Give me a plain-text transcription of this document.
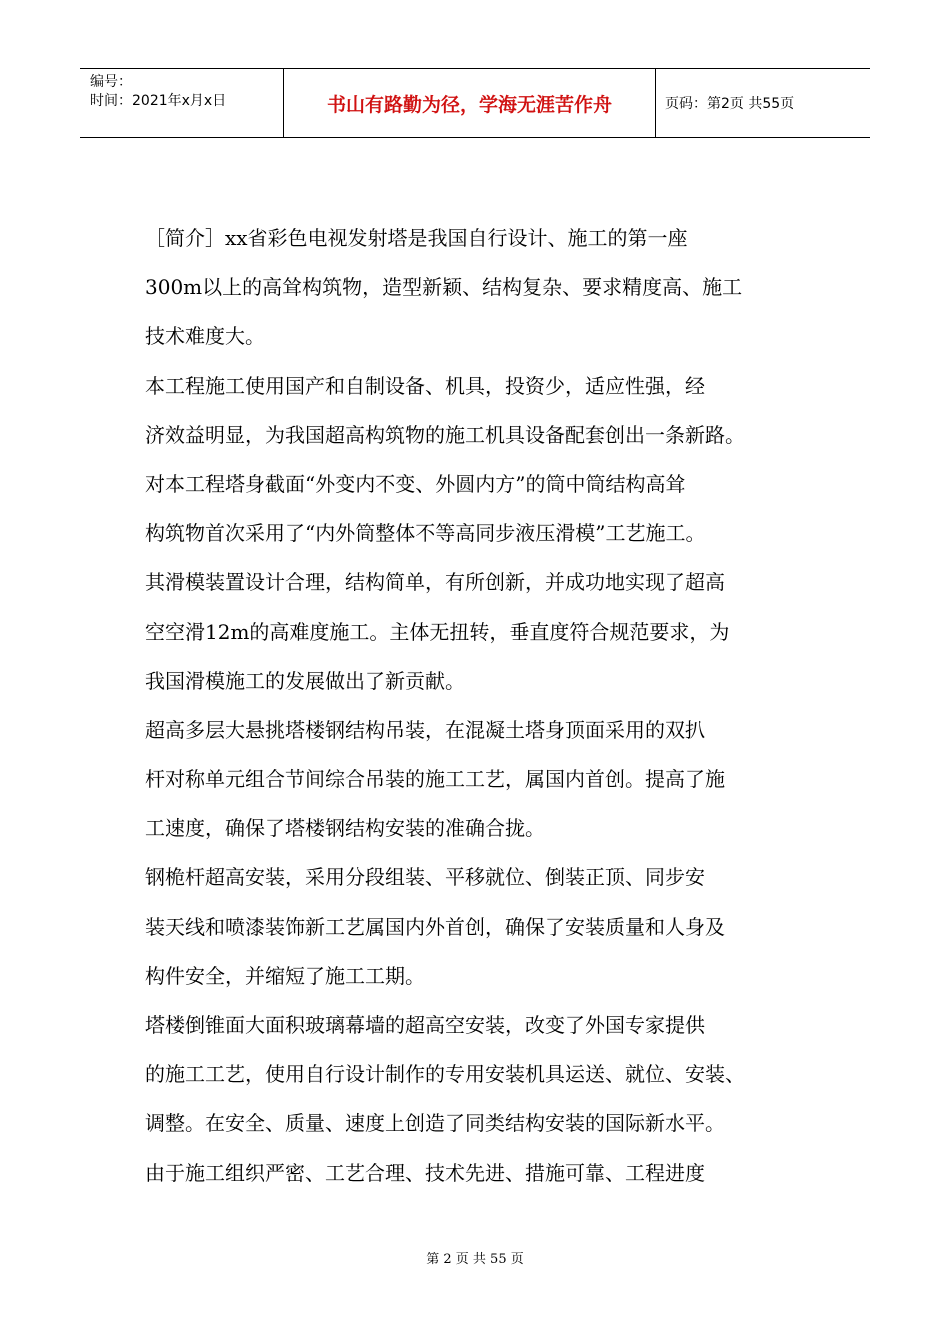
编号：
时间：2021年x月x日	书山有路勤为径，学海无涯苦作舟	页码：第2页 共55页
［简介］xx省彩色电视发射塔是我国自行设计、施工的第一座
300m以上的高耸构筑物，造型新颖、结构复杂、要求精度高、施工
技术难度大。
本工程施工使用国产和自制设备、机具，投资少，适应性强，经
济效益明显，为我国超高构筑物的施工机具设备配套创出一条新路。
对本工程塔身截面“外变内不变、外圆内方”的筒中筒结构高耸
构筑物首次采用了“内外筒整体不等高同步液压滑模”工艺施工。
其滑模装置设计合理，结构简单，有所创新，并成功地实现了超高
空空滑12m的高难度施工。主体无扭转，垂直度符合规范要求，为
我国滑模施工的发展做出了新贡献。
超高多层大悬挑塔楼钢结构吊装，在混凝土塔身顶面采用的双扒
杆对称单元组合节间综合吊装的施工工艺，属国内首创。提高了施
工速度，确保了塔楼钢结构安装的准确合拢。
钢桅杆超高安装，采用分段组装、平移就位、倒装正顶、同步安
装天线和喷漆装饰新工艺属国内外首创，确保了安装质量和人身及
构件安全，并缩短了施工工期。
塔楼倒锥面大面积玻璃幕墙的超高空安装，改变了外国专家提供
的施工工艺，使用自行设计制作的专用安装机具运送、就位、安装、
调整。在安全、质量、速度上创造了同类结构安装的国际新水平。
由于施工组织严密、工艺合理、技术先进、措施可靠、工程进度
第 2 页 共 55 页
